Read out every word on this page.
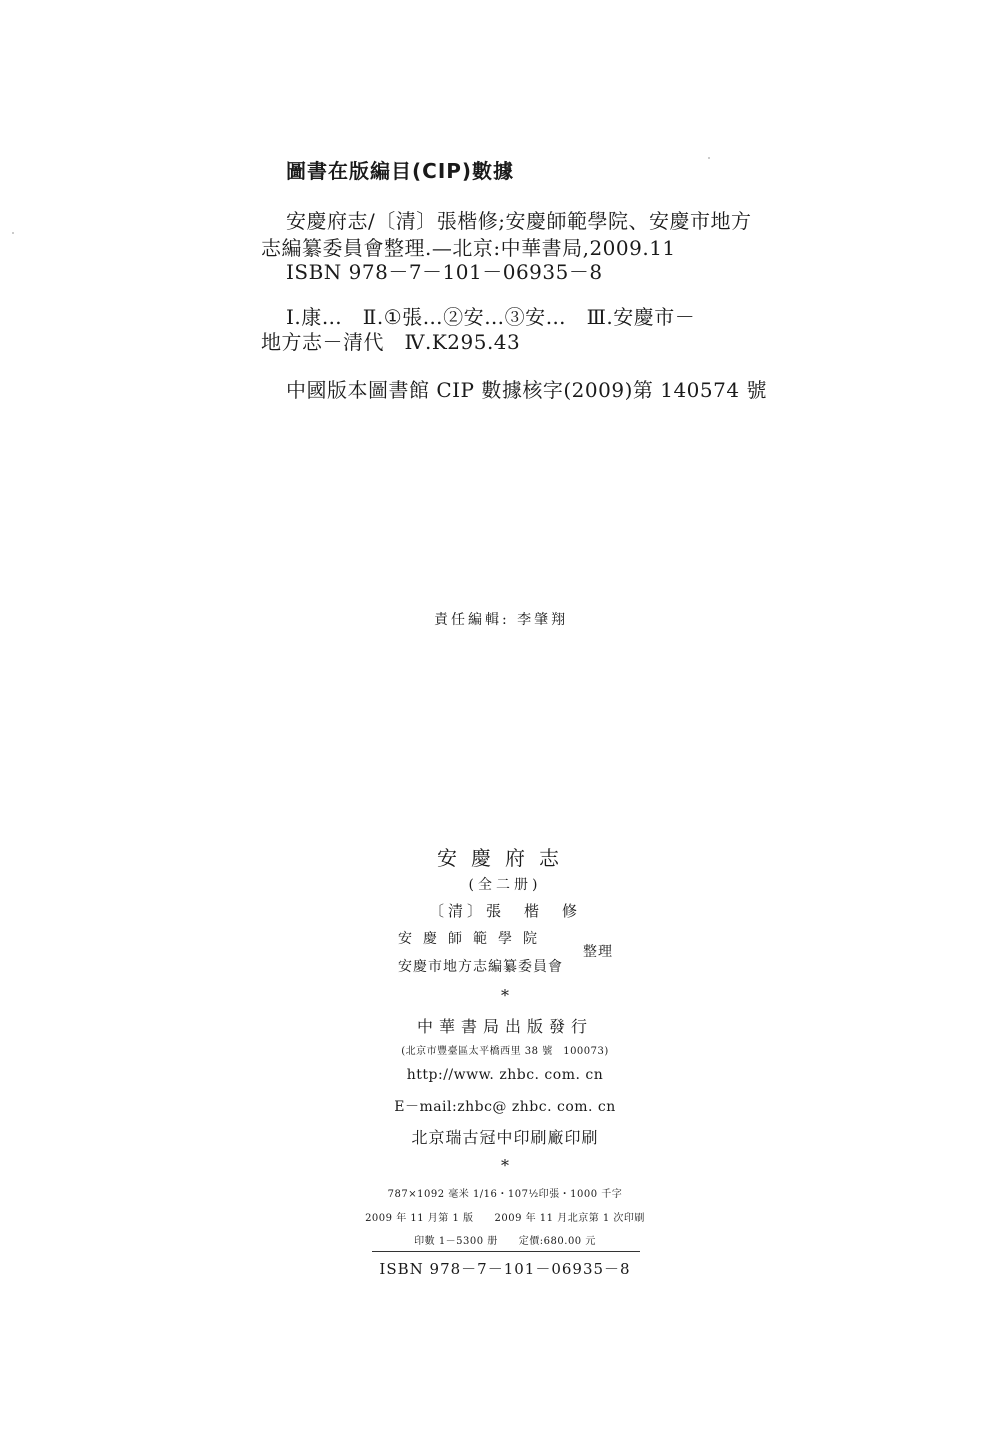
圖書在版編目(CIP)數據
安慶府志/〔清〕張楷修;安慶師範學院、安慶市地方
志編纂委員會整理.—北京:中華書局,2009.11
ISBN 978－7－101－06935－8
Ⅰ.康…　Ⅱ.①張…②安…③安…　Ⅲ.安慶市－
地方志－清代　Ⅳ.K295.43
中國版本圖書館 CIP 數據核字(2009)第 140574 號
責任編輯: 李肇翔
安慶府志
(全二册)
〔清〕張　楷　修
安慶師範學院
安慶市地方志編纂委員會
整理
*
中華書局出版發行
(北京市豐臺區太平橋西里 38 號　100073)
http://www. zhbc. com. cn
E－mail:zhbc@ zhbc. com. cn
北京瑞古冠中印刷廠印刷
*
787×1092 毫米 1/16・107½印張・1000 千字
2009 年 11 月第 1 版　　2009 年 11 月北京第 1 次印刷
印數 1－5300 册　　定價:680.00 元
ISBN 978－7－101－06935－8
